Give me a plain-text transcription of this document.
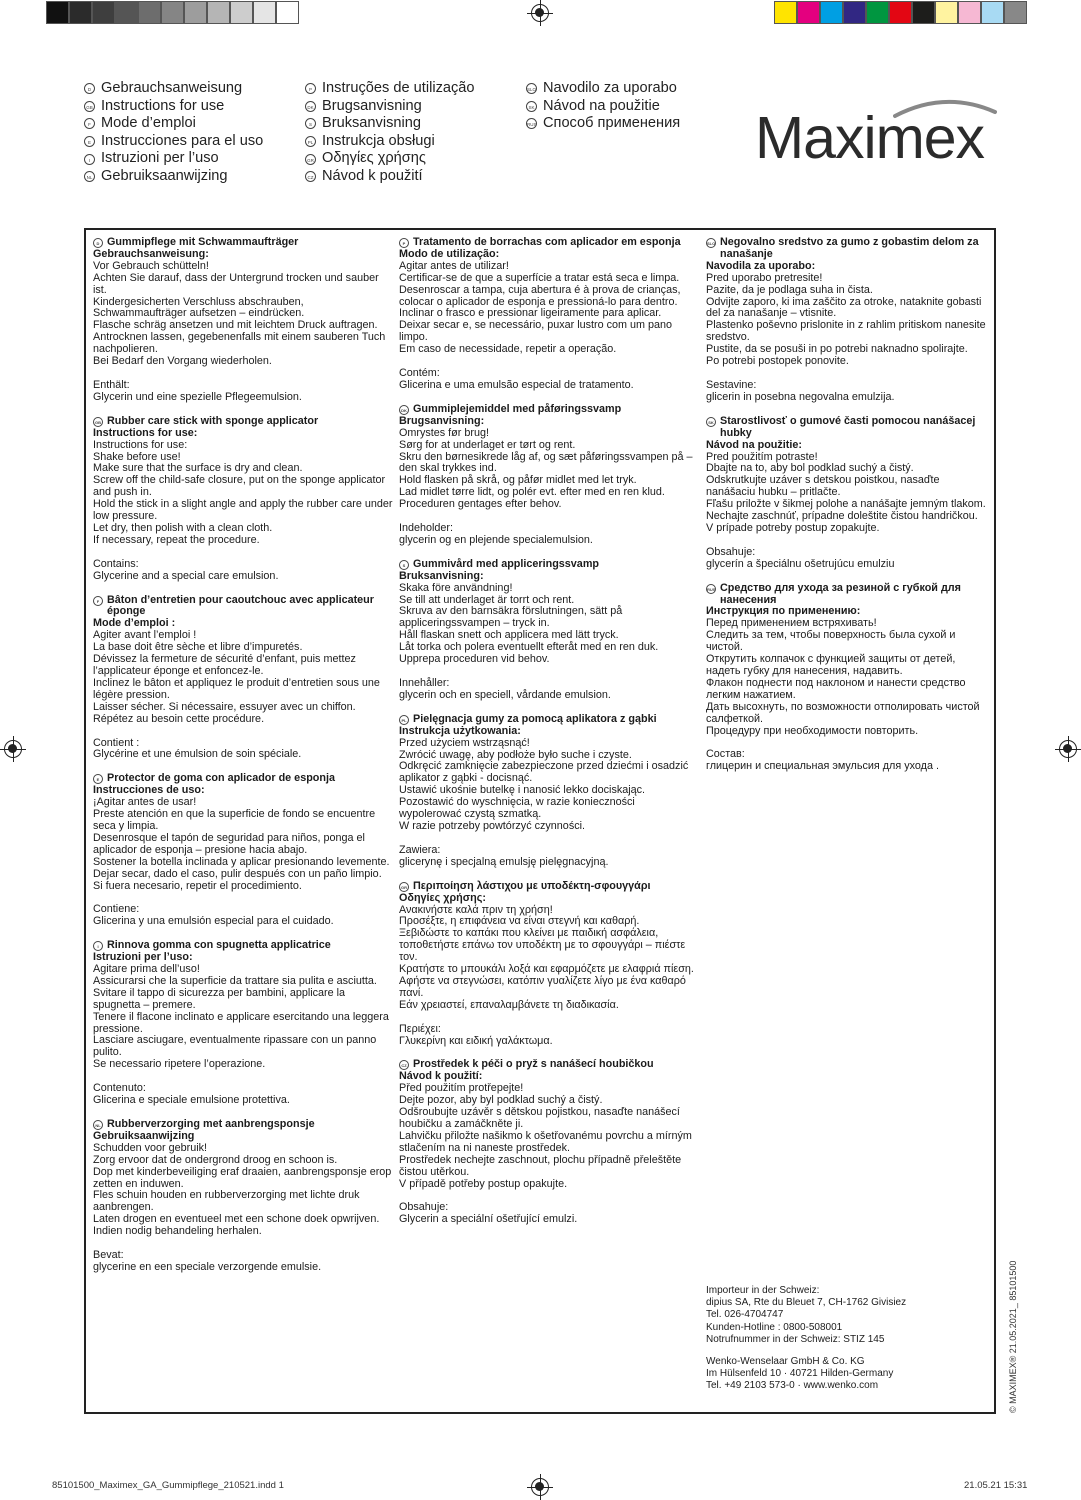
D Gebrauchsanweisung
GB Instructions for use
F Mode d’emploi
E Instrucciones para el uso
I Istruzioni per l’uso
NL Gebruiksaanwijzing
P Instruções de utilização
DK Brugsanvisning
S Bruksanvisning
PL Instrukcja obsługi
GR Οδηγίες χρήσης
CZ Návod k použití
SLO Navodilo za uporabo
SK Návod na použitie
RUS Способ применения Maximex
D Gummipflege mit Schwammaufträger
Gebrauchsanweisung:
Vor Gebrauch schütteln!
Achten Sie darauf, dass der Untergrund trocken und sauber ist.
Kindergesicherten Verschluss abschrauben, Schwammaufträger aufsetzen – eindrücken.
Flasche schräg ansetzen und mit leichtem Druck auftragen.
Antrocknen lassen, gegebenenfalls mit einem sauberen Tuch nachpolieren.
Bei Bedarf den Vorgang wiederholen.
Enthält:
Glycerin und eine spezielle Pflegeemulsion.
GB Rubber care stick with sponge applicator
Instructions for use:
Instructions for use:
Shake before use!
Make sure that the surface is dry and clean.
Screw off the child-safe closure, put on the sponge applicator and push in.
Hold the stick in a slight angle and apply the rubber care under low pressure.
Let dry, then polish with a clean cloth.
If necessary, repeat the procedure.
Contains:
Glycerine and a special care emulsion.
F Bâton d’entretien pour caoutchouc avec applicateur éponge
Mode d’emploi :
Agiter avant l’emploi !
La base doit être sèche et libre d’impuretés.
Dévissez la fermeture de sécurité d’enfant, puis mettez l’applicateur éponge et enfoncez-le.
Inclinez le bâton et appliquez le produit d’entretien sous une légère pression.
Laisser sécher. Si nécessaire, essuyer avec un chiffon.
Répétez au besoin cette procédure.
Contient :
Glycérine et une émulsion de soin spéciale.
E Protector de goma con aplicador de esponja
Instrucciones de uso:
¡Agitar antes de usar!
Preste atención en que la superficie de fondo se encuentre seca y limpia.
Desenrosque el tapón de seguridad para niños, ponga el aplicador de esponja – presione hacia abajo.
Sostener la botella inclinada y aplicar presionando levemente.
Dejar secar, dado el caso, pulir después con un paño limpio.
Si fuera necesario, repetir el procedimiento.
Contiene:
Glicerina y una emulsión especial para el cuidado.
I Rinnova gomma con spugnetta applicatrice
Istruzioni per l’uso:
Agitare prima dell’uso!
Assicurarsi che la superficie da trattare sia pulita e asciutta.
Svitare il tappo di sicurezza per bambini, applicare la spugnetta – premere.
Tenere il flacone inclinato e applicare esercitando una leggera pressione.
Lasciare asciugare, eventualmente ripassare con un panno pulito.
Se necessario ripetere l’operazione.
Contenuto:
Glicerina e speciale emulsione protettiva.
NL Rubberverzorging met aanbrengsponsje
Gebruiksaanwijzing
Schudden voor gebruik!
Zorg ervoor dat de ondergrond droog en schoon is.
Dop met kinderbeveiliging eraf draaien, aanbrengsponsje erop zetten en induwen.
Fles schuin houden en rubberverzorging met lichte druk aanbrengen.
Laten drogen en eventueel met een schone doek opwrijven.
Indien nodig behandeling herhalen.
Bevat:
glycerine en een speciale verzorgende emulsie.
P Tratamento de borrachas com aplicador em esponja
Modo de utilização:
Agitar antes de utilizar!
Certificar-se de que a superfície a tratar está seca e limpa.
Desenroscar a tampa, cuja abertura é à prova de crianças, colocar o aplicador de esponja e pressioná-lo para dentro.
Inclinar o frasco e pressionar ligeiramente para aplicar.
Deixar secar e, se necessário, puxar lustro com um pano limpo.
Em caso de necessidade, repetir a operação.
Contém:
Glicerina e uma emulsão especial de tratamento.
DK Gummiplejemiddel med påføringssvamp
Brugsanvisning:
Omrystes før brug!
Sørg for at underlaget er tørt og rent.
Skru den børnesikrede låg af, og sæt påføringssvampen på – den skal trykkes ind.
Hold flasken på skrå, og påfør midlet med let tryk.
Lad midlet tørre lidt, og polér evt. efter med en ren klud.
Proceduren gentages efter behov.
Indeholder:
glycerin og en plejende specialemulsion.
S Gummivård med appliceringssvamp
Bruksanvisning:
Skaka före användning!
Se till att underlaget är torrt och rent.
Skruva av den barnsäkra förslutningen, sätt på appliceringssvampen – tryck in.
Håll flaskan snett och applicera med lätt tryck.
Låt torka och polera eventuellt efteråt med en ren duk.
Upprepa proceduren vid behov.
Innehåller:
glycerin och en speciell, vårdande emulsion.
PL Pielęgnacja gumy za pomocą aplikatora z gąbki
Instrukcja użytkowania:
Przed użyciem wstrząsnąć!
Zwrócić uwagę, aby podłoże było suche i czyste.
Odkręcić zamknięcie zabezpieczone przed dziećmi i osadzić aplikator z gąbki - docisnąć.
Ustawić ukośnie butelkę i nanosić lekko dociskając.
Pozostawić do wyschnięcia, w razie konieczności wypolerować czystą szmatką.
W razie potrzeby powtórzyć czynności.
Zawiera:
glicerynę i specjalną emulsję pielęgnacyjną.
GR Περιποίηση λάστιχου με υποδέκτη-σφουγγάρι
Οδηγίες χρήσης:
Ανακινήστε καλά πριν τη χρήση!
Προσέξτε, η επιφάνεια να είναι στεγνή και καθαρή.
Ξεβιδώστε το καπάκι που κλείνει με παιδική ασφάλεια, τοποθετήστε επάνω τον υποδέκτη με το σφουγγάρι – πιέστε τον.
Κρατήστε το μπουκάλι λοξά και εφαρμόζετε με ελαφριά πίεση.
Αφήστε να στεγνώσει, κατόπιν γυαλίζετε λίγο με ένα καθαρό πανί.
Εάν χρειαστεί, επαναλαμβάνετε τη διαδικασία.
Περιέχει:
Γλυκερίνη και ειδική γαλάκτωμα.
CZ Prostředek k péči o pryž s nanášecí houbičkou
Návod k použití:
Před použitím protřepejte!
Dejte pozor, aby byl podklad suchý a čistý.
Odšroubujte uzávěr s dětskou pojistkou, nasaďte nanášecí houbičku a zamáčkněte ji.
Lahvičku přiložte našikmo k ošetřovanému povrchu a mírným stlačením na ni naneste prostředek.
Prostředek nechejte zaschnout, plochu případně přeleštěte čistou utěrkou.
V případě potřeby postup opakujte.
Obsahuje:
Glycerin a speciální ošetřující emulzi.
SLO Negovalno sredstvo za gumo z gobastim delom za nanašanje
Navodila za uporabo:
Pred uporabo pretresite!
Pazite, da je podlaga suha in čista.
Odvijte zaporo, ki ima zaščito za otroke, nataknite gobasti del za nanašanje – vtisnite.
Plastenko poševno prislonite in z rahlim pritiskom nanesite sredstvo.
Pustite, da se posuši in po potrebi naknadno spolirajte.
Po potrebi postopek ponovite.
Sestavine:
glicerin in posebna negovalna emulzija.
SK Starostlivosť o gumové časti pomocou nanášacej hubky
Návod na použitie:
Pred použitím potraste!
Dbajte na to, aby bol podklad suchý a čistý.
Odskrutkujte uzáver s detskou poistkou, nasaďte nanášaciu hubku – pritlačte.
Fľašu priložte v šikmej polohe a nanášajte jemným tlakom.
Nechajte zaschnúť, prípadne doleštite čistou handričkou.
V prípade potreby postup zopakujte.
Obsahuje:
glycerín a špeciálnu ošetrujúcu emulziu
RUS Средство для ухода за резиной с губкой для нанесения
Инструкция по применению:
Перед применением встряхивать!
Следить за тем, чтобы поверхность была сухой и чистой.
Открутить колпачок с функцией защиты от детей, надеть губку для нанесения, надавить.
Флакон поднести под наклоном и нанести средство легким нажатием.
Дать высохнуть, по возможности отполировать чистой салфеткой.
Процедуру при необходимости повторить.
Состав:
глицерин и специальная эмульсия для ухода .
Importeur in der Schweiz:
dipius SA, Rte du Bleuet 7, CH-1762 Givisiez
Tel. 026-4704747
Kunden-Hotline : 0800-508001
Notrufnummer in der Schweiz: STIZ 145
Wenko-Wenselaar GmbH & Co. KG
Im Hülsenfeld 10 · 40721 Hilden-Germany
Tel. +49 2103 573-0 · www.wenko.com	© MAXIMEX® 21.05.2021_ 85101500
85101500_Maximex_GA_Gummipflege_210521.indd 1	21.05.21 15:31
